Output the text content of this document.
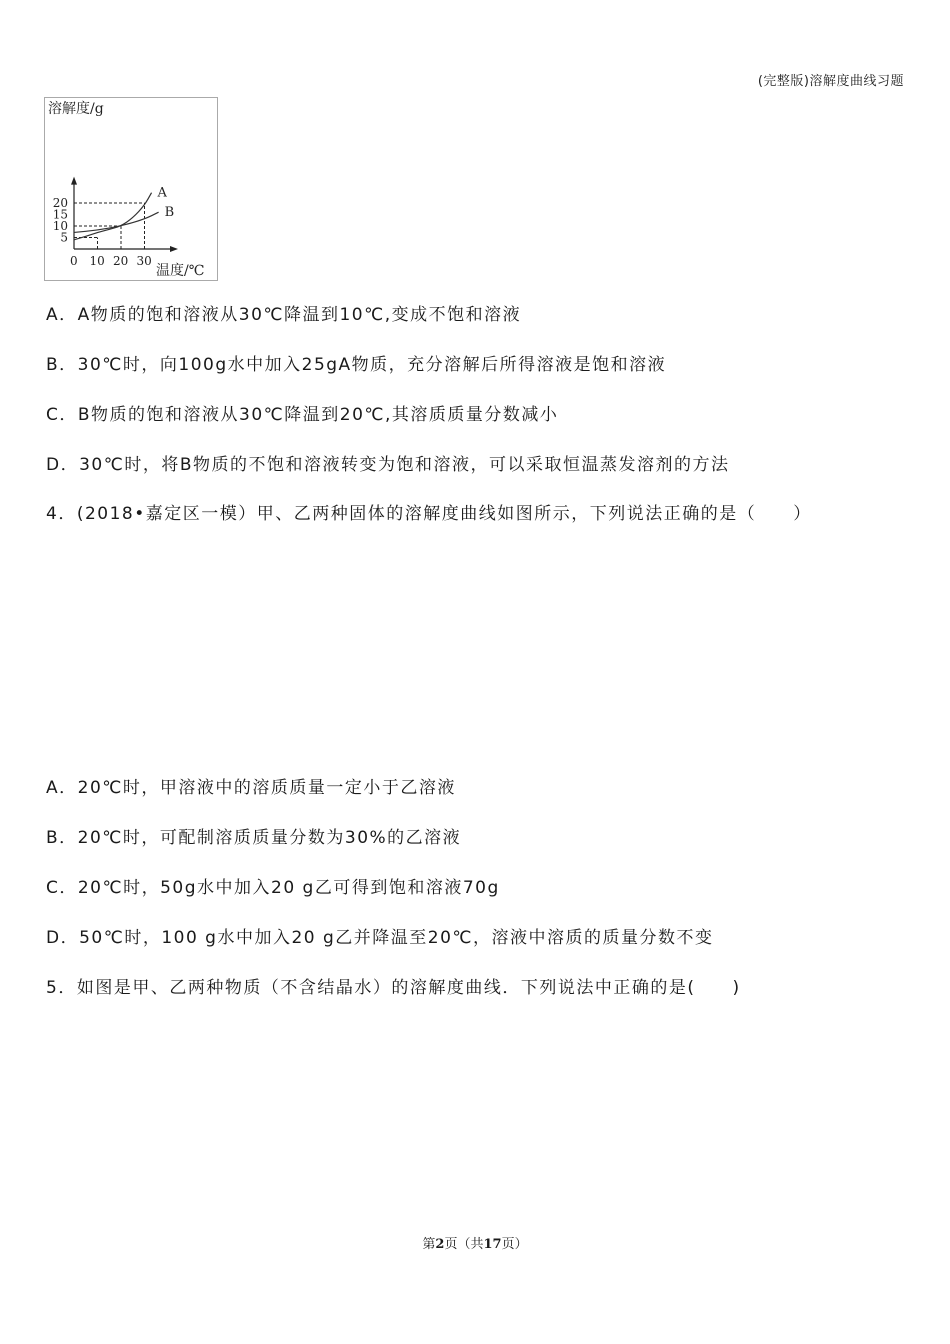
(完整版)溶解度曲线习题
溶解度/g
温度/℃
0 10 20 30
5
10
15
20
A
B
A．A物质的饱和溶液从30℃降温到10℃,变成不饱和溶液
B．30℃时，向100g水中加入25gA物质，充分溶解后所得溶液是饱和溶液
C．B物质的饱和溶液从30℃降温到20℃,其溶质质量分数减小
D．30℃时，将B物质的不饱和溶液转变为饱和溶液，可以采取恒温蒸发溶剂的方法
4．(2018•嘉定区一模）甲、乙两种固体的溶解度曲线如图所示，下列说法正确的是（　　）
A．20℃时，甲溶液中的溶质质量一定小于乙溶液
B．20℃时，可配制溶质质量分数为30%的乙溶液
C．20℃时，50g水中加入20 g乙可得到饱和溶液70g
D．50℃时，100 g水中加入20 g乙并降温至20℃，溶液中溶质的质量分数不变
5．如图是甲、乙两种物质（不含结晶水）的溶解度曲线．下列说法中正确的是(　　)
第2页（共17页）
